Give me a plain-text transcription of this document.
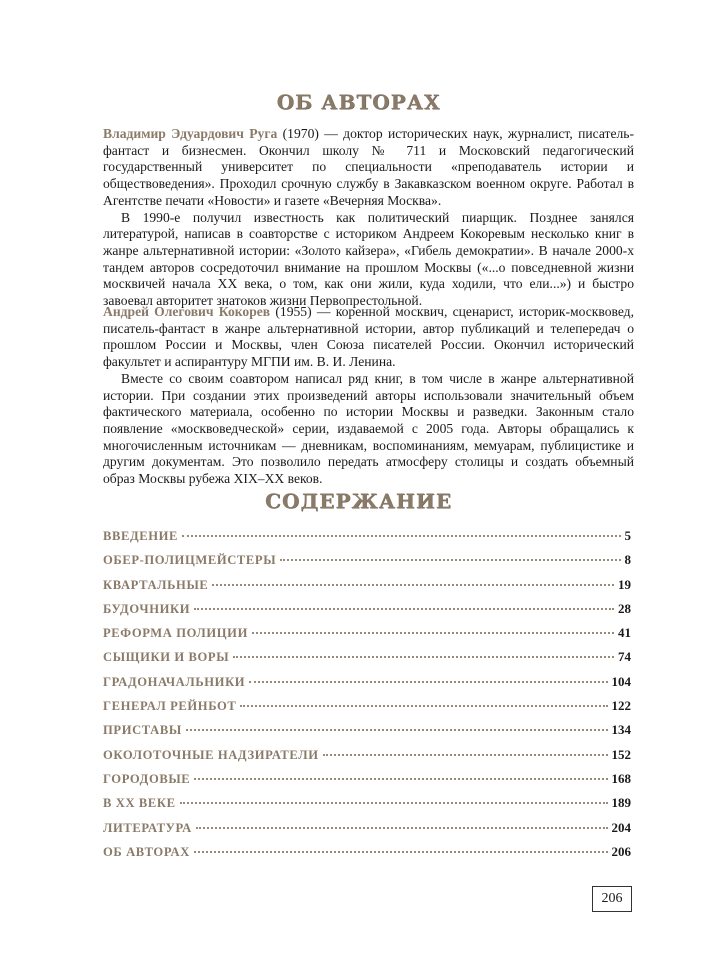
ОБ АВТОРАХ

Владимир Эдуардович Руга (1970) — доктор исторических наук, журналист, писатель-фантаст и бизнесмен. Окончил школу № 711 и Московский педагогический государственный университет по специальности «преподаватель истории и обществоведения». Проходил срочную службу в Закавказском военном округе. Работал в Агентстве печати «Новости» и газете «Вечерняя Москва».

В 1990-е получил известность как политический пиарщик. Позднее занялся литературой, написав в соавторстве с историком Андреем Кокоревым несколько книг в жанре альтернативной истории: «Золото кайзера», «Гибель демократии». В начале 2000-х тандем авторов сосредоточил внимание на прошлом Москвы («...о повседневной жизни москвичей начала XX века, о том, как они жили, куда ходили, что ели...») и быстро завоевал авторитет знатоков жизни Первопрестольной.

Андрей Олегович Кокорев (1955) — коренной москвич, сценарист, историк-москвовед, писатель-фантаст в жанре альтернативной истории, автор публикаций и телепередач о прошлом России и Москвы, член Союза писателей России. Окончил исторический факультет и аспирантуру МГПИ им. В. И. Ленина.

Вместе со своим соавтором написал ряд книг, в том числе в жанре альтернативной истории. При создании этих произведений авторы использовали значительный объем фактического материала, особенно по истории Москвы и разведки. Законным стало появление «москвоведческой» серии, издаваемой с 2005 года. Авторы обращались к многочисленным источникам — дневникам, воспоминаниям, мемуарам, публицистике и другим документам. Это позволило передать атмосферу столицы и создать объемный образ Москвы рубежа XIX–XX веков.

СОДЕРЖАНИЕ
ВВЕДЕНИЕ	5
ОБЕР-ПОЛИЦМЕЙСТЕРЫ	8
КВАРТАЛЬНЫЕ	19
БУДОЧНИКИ	28
РЕФОРМА ПОЛИЦИИ	41
СЫЩИКИ И ВОРЫ	74
ГРАДОНАЧАЛЬНИКИ	104
ГЕНЕРАЛ РЕЙНБОТ	122
ПРИСТАВЫ	134
ОКОЛОТОЧНЫЕ НАДЗИРАТЕЛИ	152
ГОРОДОВЫЕ	168
В XX ВЕКЕ	189
ЛИТЕРАТУРА	204
ОБ АВТОРАХ	206
206
